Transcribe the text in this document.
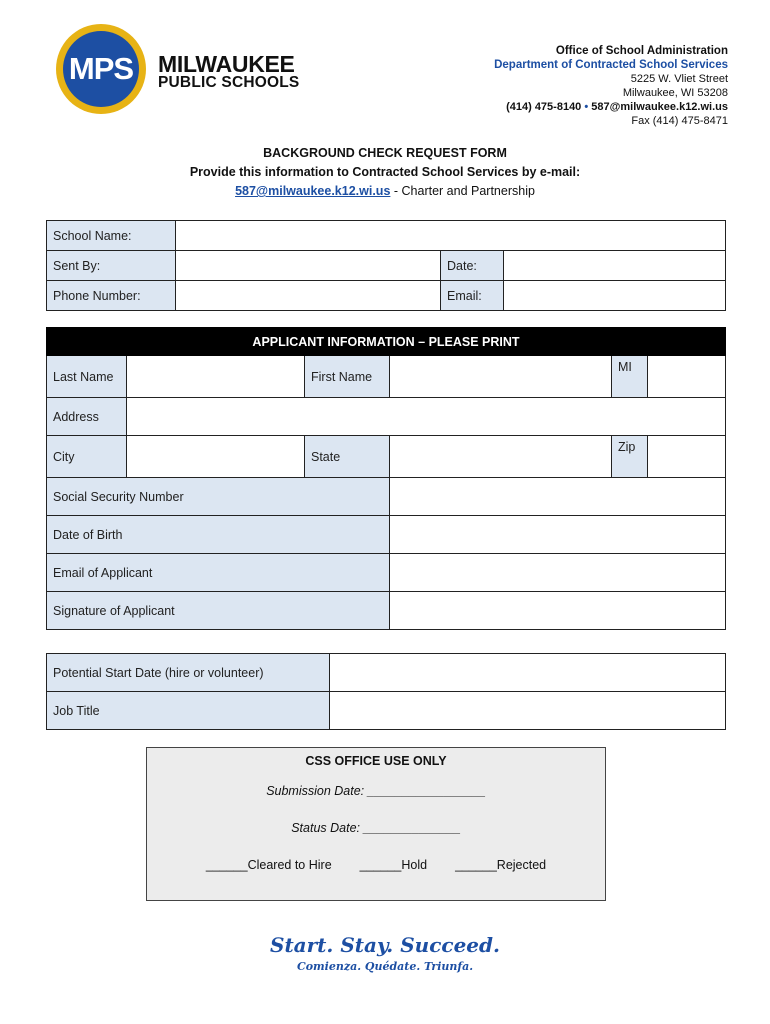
MPS MILWAUKEE
PUBLIC SCHOOLS
Office of School Administration
Department of Contracted School Services
5225 W. Vliet Street
Milwaukee, WI 53208
(414) 475-8140 • 587@milwaukee.k12.wi.us
Fax (414) 475-8471
BACKGROUND CHECK REQUEST FORM
Provide this information to Contracted School Services by e-mail:
587@milwaukee.k12.wi.us - Charter and Partnership
School Name:			
Sent By:		Date:	
Phone Number:		Email:	
APPLICANT INFORMATION – PLEASE PRINT					
Last Name		First Name		MI	
Address					
City		State		Zip	
Social Security Number					
Date of Birth					
Email of Applicant					
Signature of Applicant					
Potential Start Date (hire or volunteer)	
Job Title	
CSS OFFICE USE ONLY
Submission Date: _________________
Status Date: ______________
______Cleared to Hire ______Hold ______Rejected
Start. Stay. Succeed.
Comienza. Quédate. Triunfa.
